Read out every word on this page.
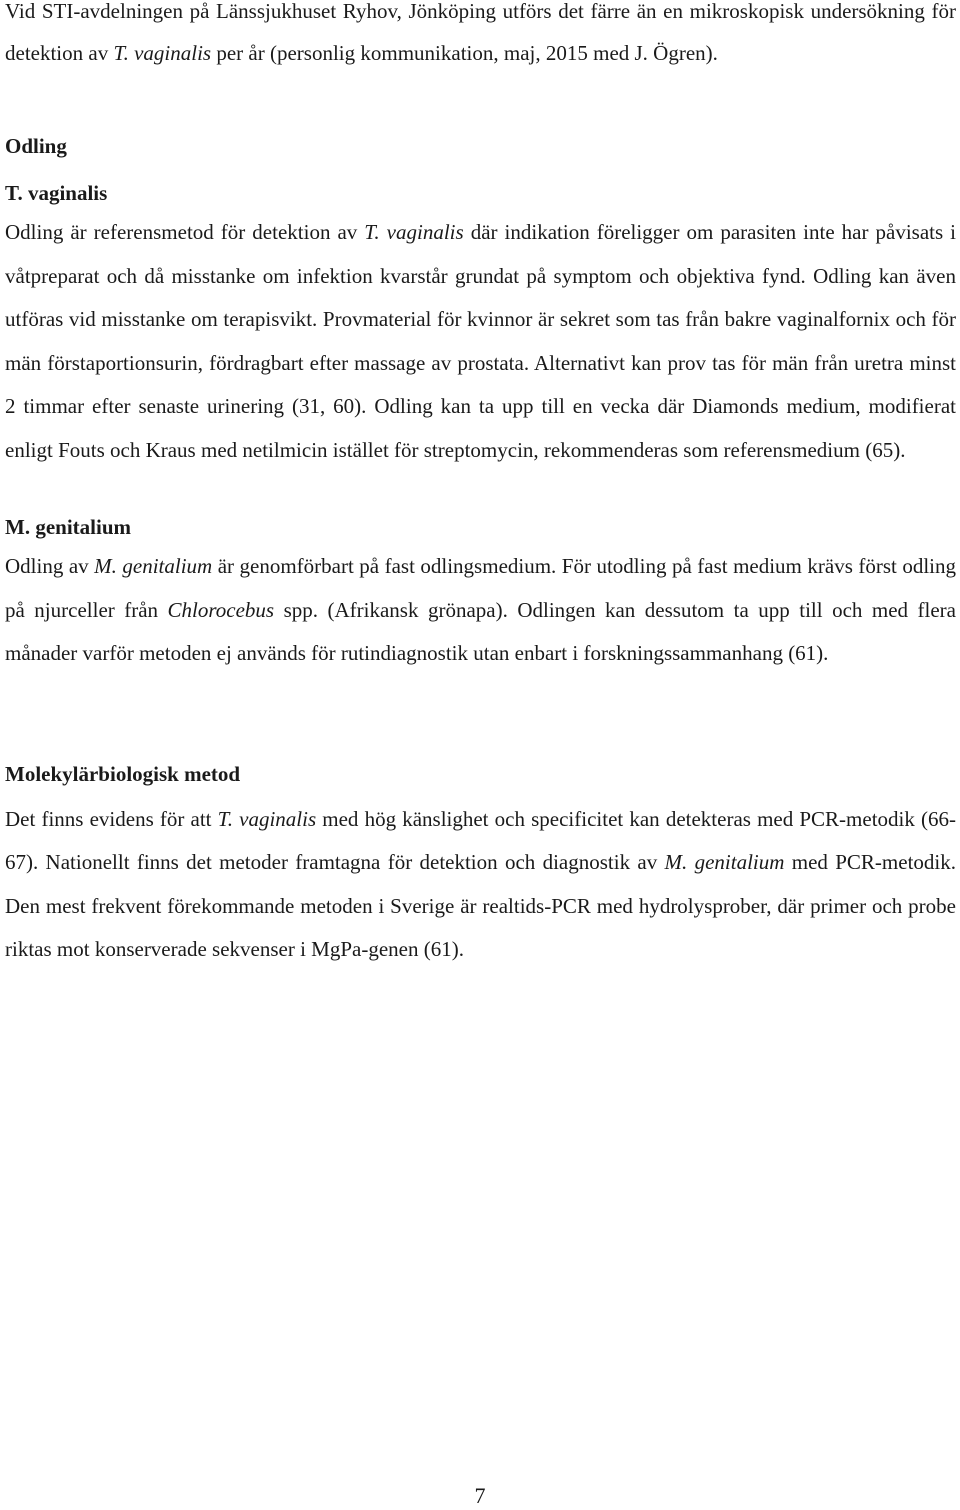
Vid STI-avdelningen på Länssjukhuset Ryhov, Jönköping utförs det färre än en mikroskopisk undersökning för detektion av T. vaginalis per år (personlig kommunikation, maj, 2015 med J. Ögren).

Odling
T. vaginalis

Odling är referensmetod för detektion av T. vaginalis där indikation föreligger om parasiten inte har påvisats i våtpreparat och då misstanke om infektion kvarstår grundat på symptom och objektiva fynd. Odling kan även utföras vid misstanke om terapisvikt. Provmaterial för kvinnor är sekret som tas från bakre vaginalfornix och för män förstaportionsurin, fördragbart efter massage av prostata. Alternativt kan prov tas för män från uretra minst 2 timmar efter senaste urinering (31, 60). Odling kan ta upp till en vecka där Diamonds medium, modifierat enligt Fouts och Kraus med netilmicin istället för streptomycin, rekommenderas som referensmedium (65).

M. genitalium

Odling av M. genitalium är genomförbart på fast odlingsmedium. För utodling på fast medium krävs först odling på njurceller från Chlorocebus spp. (Afrikansk grönapa). Odlingen kan dessutom ta upp till och med flera månader varför metoden ej används för rutindiagnostik utan enbart i forskningssammanhang (61).

Molekylärbiologisk metod

Det finns evidens för att T. vaginalis med hög känslighet och specificitet kan detekteras med PCR-metodik (66-67). Nationellt finns det metoder framtagna för detektion och diagnostik av M. genitalium med PCR-metodik. Den mest frekvent förekommande metoden i Sverige är realtids-PCR med hydrolysprober, där primer och probe riktas mot konserverade sekvenser i MgPa-genen (61).

7
